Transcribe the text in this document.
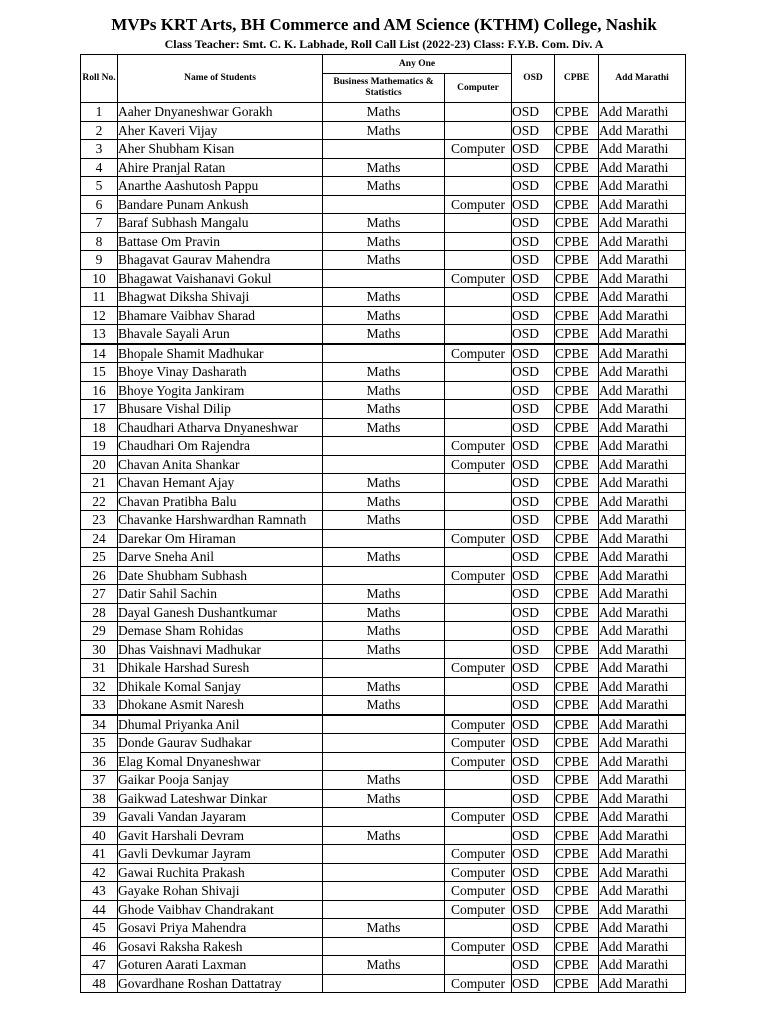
MVPs KRT Arts, BH Commerce and AM Science (KTHM) College, Nashik
Class Teacher: Smt. C. K. Labhade, Roll Call List (2022-23) Class: F.Y.B. Com. Div. A
Roll No.	Name of Students	Any One		OSD	CPBE	Add Marathi
		Business Mathematics & Statistics	Computer			
1	Aaher Dnyaneshwar Gorakh	Maths		OSD	CPBE	Add Marathi
2	Aher Kaveri Vijay	Maths		OSD	CPBE	Add Marathi
3	Aher Shubham Kisan		Computer	OSD	CPBE	Add Marathi
4	Ahire Pranjal Ratan	Maths		OSD	CPBE	Add Marathi
5	Anarthe Aashutosh Pappu	Maths		OSD	CPBE	Add Marathi
6	Bandare Punam Ankush		Computer	OSD	CPBE	Add Marathi
7	Baraf Subhash Mangalu	Maths		OSD	CPBE	Add Marathi
8	Battase Om Pravin	Maths		OSD	CPBE	Add Marathi
9	Bhagavat Gaurav Mahendra	Maths		OSD	CPBE	Add Marathi
10	Bhagawat Vaishanavi Gokul		Computer	OSD	CPBE	Add Marathi
11	Bhagwat Diksha Shivaji	Maths		OSD	CPBE	Add Marathi
12	Bhamare Vaibhav Sharad	Maths		OSD	CPBE	Add Marathi
13	Bhavale Sayali Arun	Maths		OSD	CPBE	Add Marathi
14	Bhopale Shamit Madhukar		Computer	OSD	CPBE	Add Marathi
15	Bhoye Vinay Dasharath	Maths		OSD	CPBE	Add Marathi
16	Bhoye Yogita Jankiram	Maths		OSD	CPBE	Add Marathi
17	Bhusare Vishal Dilip	Maths		OSD	CPBE	Add Marathi
18	Chaudhari Atharva Dnyaneshwar	Maths		OSD	CPBE	Add Marathi
19	Chaudhari Om Rajendra		Computer	OSD	CPBE	Add Marathi
20	Chavan Anita Shankar		Computer	OSD	CPBE	Add Marathi
21	Chavan Hemant Ajay	Maths		OSD	CPBE	Add Marathi
22	Chavan Pratibha Balu	Maths		OSD	CPBE	Add Marathi
23	Chavanke Harshwardhan Ramnath	Maths		OSD	CPBE	Add Marathi
24	Darekar Om Hiraman		Computer	OSD	CPBE	Add Marathi
25	Darve Sneha Anil	Maths		OSD	CPBE	Add Marathi
26	Date Shubham Subhash		Computer	OSD	CPBE	Add Marathi
27	Datir Sahil Sachin	Maths		OSD	CPBE	Add Marathi
28	Dayal Ganesh Dushantkumar	Maths		OSD	CPBE	Add Marathi
29	Demase Sham Rohidas	Maths		OSD	CPBE	Add Marathi
30	Dhas Vaishnavi Madhukar	Maths		OSD	CPBE	Add Marathi
31	Dhikale Harshad Suresh		Computer	OSD	CPBE	Add Marathi
32	Dhikale Komal Sanjay	Maths		OSD	CPBE	Add Marathi
33	Dhokane Asmit Naresh	Maths		OSD	CPBE	Add Marathi
34	Dhumal Priyanka Anil		Computer	OSD	CPBE	Add Marathi
35	Donde Gaurav Sudhakar		Computer	OSD	CPBE	Add Marathi
36	Elag Komal Dnyaneshwar		Computer	OSD	CPBE	Add Marathi
37	Gaikar Pooja Sanjay	Maths		OSD	CPBE	Add Marathi
38	Gaikwad Lateshwar Dinkar	Maths		OSD	CPBE	Add Marathi
39	Gavali Vandan Jayaram		Computer	OSD	CPBE	Add Marathi
40	Gavit Harshali Devram	Maths		OSD	CPBE	Add Marathi
41	Gavli Devkumar Jayram		Computer	OSD	CPBE	Add Marathi
42	Gawai Ruchita Prakash		Computer	OSD	CPBE	Add Marathi
43	Gayake Rohan Shivaji		Computer	OSD	CPBE	Add Marathi
44	Ghode Vaibhav Chandrakant		Computer	OSD	CPBE	Add Marathi
45	Gosavi Priya Mahendra	Maths		OSD	CPBE	Add Marathi
46	Gosavi Raksha Rakesh		Computer	OSD	CPBE	Add Marathi
47	Goturen Aarati Laxman	Maths		OSD	CPBE	Add Marathi
48	Govardhane Roshan Dattatray		Computer	OSD	CPBE	Add Marathi
